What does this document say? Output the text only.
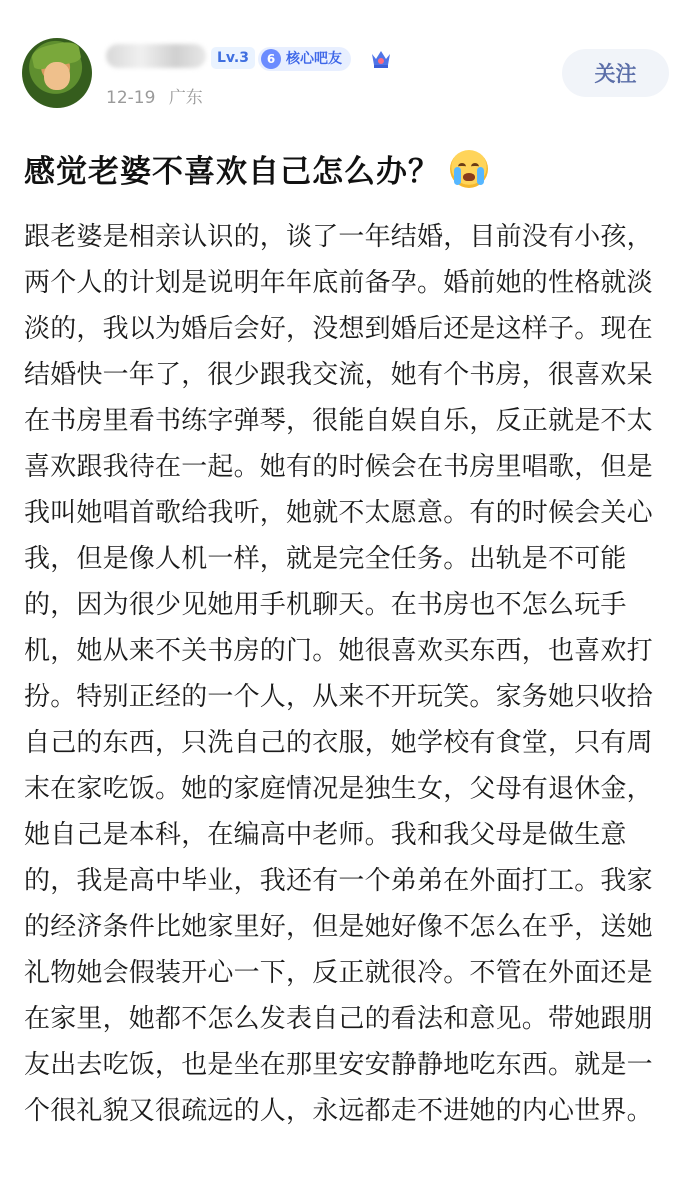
Lv.3	6 核心吧友
12-19 广东
关注
感觉老婆不喜欢自己怎么办？
跟老婆是相亲认识的，谈了一年结婚，目前没有小孩，
两个人的计划是说明年年底前备孕。婚前她的性格就淡
淡的，我以为婚后会好，没想到婚后还是这样子。现在
结婚快一年了，很少跟我交流，她有个书房，很喜欢呆
在书房里看书练字弹琴，很能自娱自乐，反正就是不太
喜欢跟我待在一起。她有的时候会在书房里唱歌，但是
我叫她唱首歌给我听，她就不太愿意。有的时候会关心
我，但是像人机一样，就是完全任务。出轨是不可能
的，因为很少见她用手机聊天。在书房也不怎么玩手
机，她从来不关书房的门。她很喜欢买东西，也喜欢打
扮。特别正经的一个人，从来不开玩笑。家务她只收拾
自己的东西，只洗自己的衣服，她学校有食堂，只有周
末在家吃饭。她的家庭情况是独生女，父母有退休金，
她自己是本科，在编高中老师。我和我父母是做生意
的，我是高中毕业，我还有一个弟弟在外面打工。我家
的经济条件比她家里好，但是她好像不怎么在乎，送她
礼物她会假装开心一下，反正就很冷。不管在外面还是
在家里，她都不怎么发表自己的看法和意见。带她跟朋
友出去吃饭，也是坐在那里安安静静地吃东西。就是一
个很礼貌又很疏远的人，永远都走不进她的内心世界。
